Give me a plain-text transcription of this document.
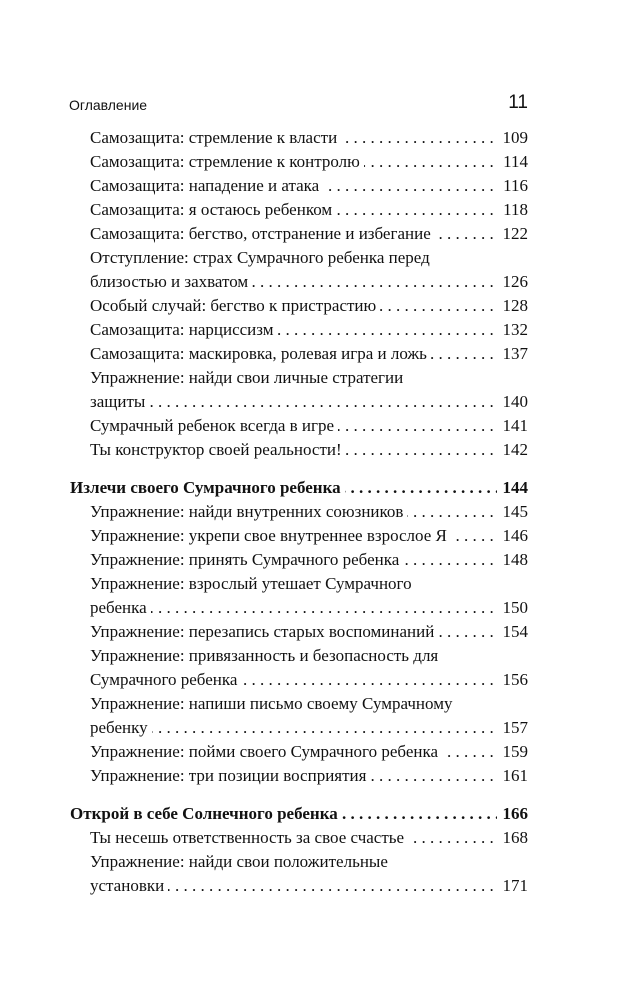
Оглавление	11
Самозащита: стремление к власти	109
. . .
Самозащита: стремление к контролю	114
. . .
Самозащита: нападение и атака	116
. . .
Самозащита: я остаюсь ребенком	118
. . .
Самозащита: бегство, отстранение и избегание	122
. . .
Отступление: страх Сумрачного ребенка перед
близостью и захватом	126
. . .
Особый случай: бегство к пристрастию	128
. . .
Самозащита: нарциссизм	132
. . .
Самозащита: маскировка, ролевая игра и ложь	137
. . .
Упражнение: найди свои личные стратегии
защиты	140
. . .
Сумрачный ребенок всегда в игре	141
. . .
Ты конструктор своей реальности!	142
. . .
Излечи своего Сумрачного ребенка	144
. . .
Упражнение: найди внутренних союзников	145
. . .
Упражнение: укрепи свое внутреннее взрослое Я	146
. . .
Упражнение: принять Сумрачного ребенка	148
. . .
Упражнение: взрослый утешает Сумрачного
ребенка	150
. . .
Упражнение: перезапись старых воспоминаний	154
. . .
Упражнение: привязанность и безопасность для
Сумрачного ребенка	156
. . .
Упражнение: напиши письмо своему Сумрачному
ребенку	157
. . .
Упражнение: пойми своего Сумрачного ребенка	159
. . .
Упражнение: три позиции восприятия	161
. . .
Открой в себе Солнечного ребенка	166
. . .
Ты несешь ответственность за свое счастье	168
. . .
Упражнение: найди свои положительные
установки	171
. . .
